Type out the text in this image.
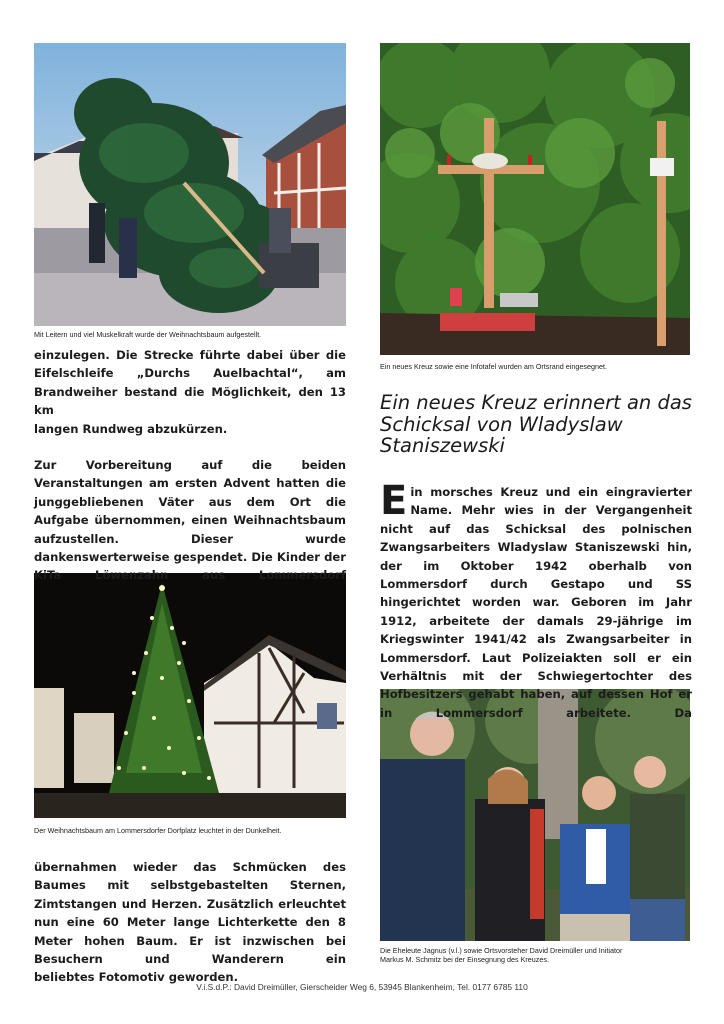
Mit Leitern und viel Muskelkraft wurde der Weihnachtsbaum aufgestellt.
Ein neues Kreuz sowie eine Infotafel wurden am Ortsrand eingesegnet.
Der Weihnachtsbaum am Lommersdorfer Dorfplatz leuchtet in der Dunkelheit.
Die Eheleute Jagnus (v.l.) sowie Ortsvorsteher David Dreimüller und Initiator
Markus M. Schmitz bei der Einsegnung des Kreuzes.

einzulegen. Die Strecke führte dabei über die Eifelschleife „Durchs Auelbachtal“, am Brandweiher bestand die Möglichkeit, den 13 km

langen Rundweg abzukürzen.

Zur Vorbereitung auf die beiden Veranstaltungen am ersten Advent hatten die junggebliebenen Väter aus dem Ort die Aufgabe übernommen, einen Weihnachtsbaum aufzustellen. Dieser wurde dankenswerterweise gespendet. Die Kinder der KiTa Löwenzahn aus Lommersdorf

übernahmen wieder das Schmücken des Baumes mit selbstgebastelten Sternen, Zimtstangen und Herzen. Zusätzlich erleuchtet nun eine 60 Meter lange Lichterkette den 8 Meter hohen Baum. Er ist inzwischen bei Besuchern und Wanderern ein

beliebtes Fotomotiv geworden.

Ein neues Kreuz erinnert an das Schicksal von Wladyslaw Staniszewski

Ein morsches Kreuz und ein eingravierter Name. Mehr wies in der Vergangenheit nicht auf das Schicksal des polnischen Zwangsarbeiters Wladyslaw Staniszewski hin, der im Oktober 1942 oberhalb von Lommersdorf durch Gestapo und SS hingerichtet worden war. Geboren im Jahr 1912, arbeitete der damals 29-jährige im Kriegswinter 1941/42 als Zwangsarbeiter in Lommersdorf. Laut Polizeiakten soll er ein Verhältnis mit der Schwiegertochter des Hofbesitzers gehabt haben, auf dessen Hof er in Lommersdorf arbeitete. Da

V.i.S.d.P.: David Dreimüller, Gierscheider Weg 6, 53945 Blankenheim, Tel. 0177 6785 110
